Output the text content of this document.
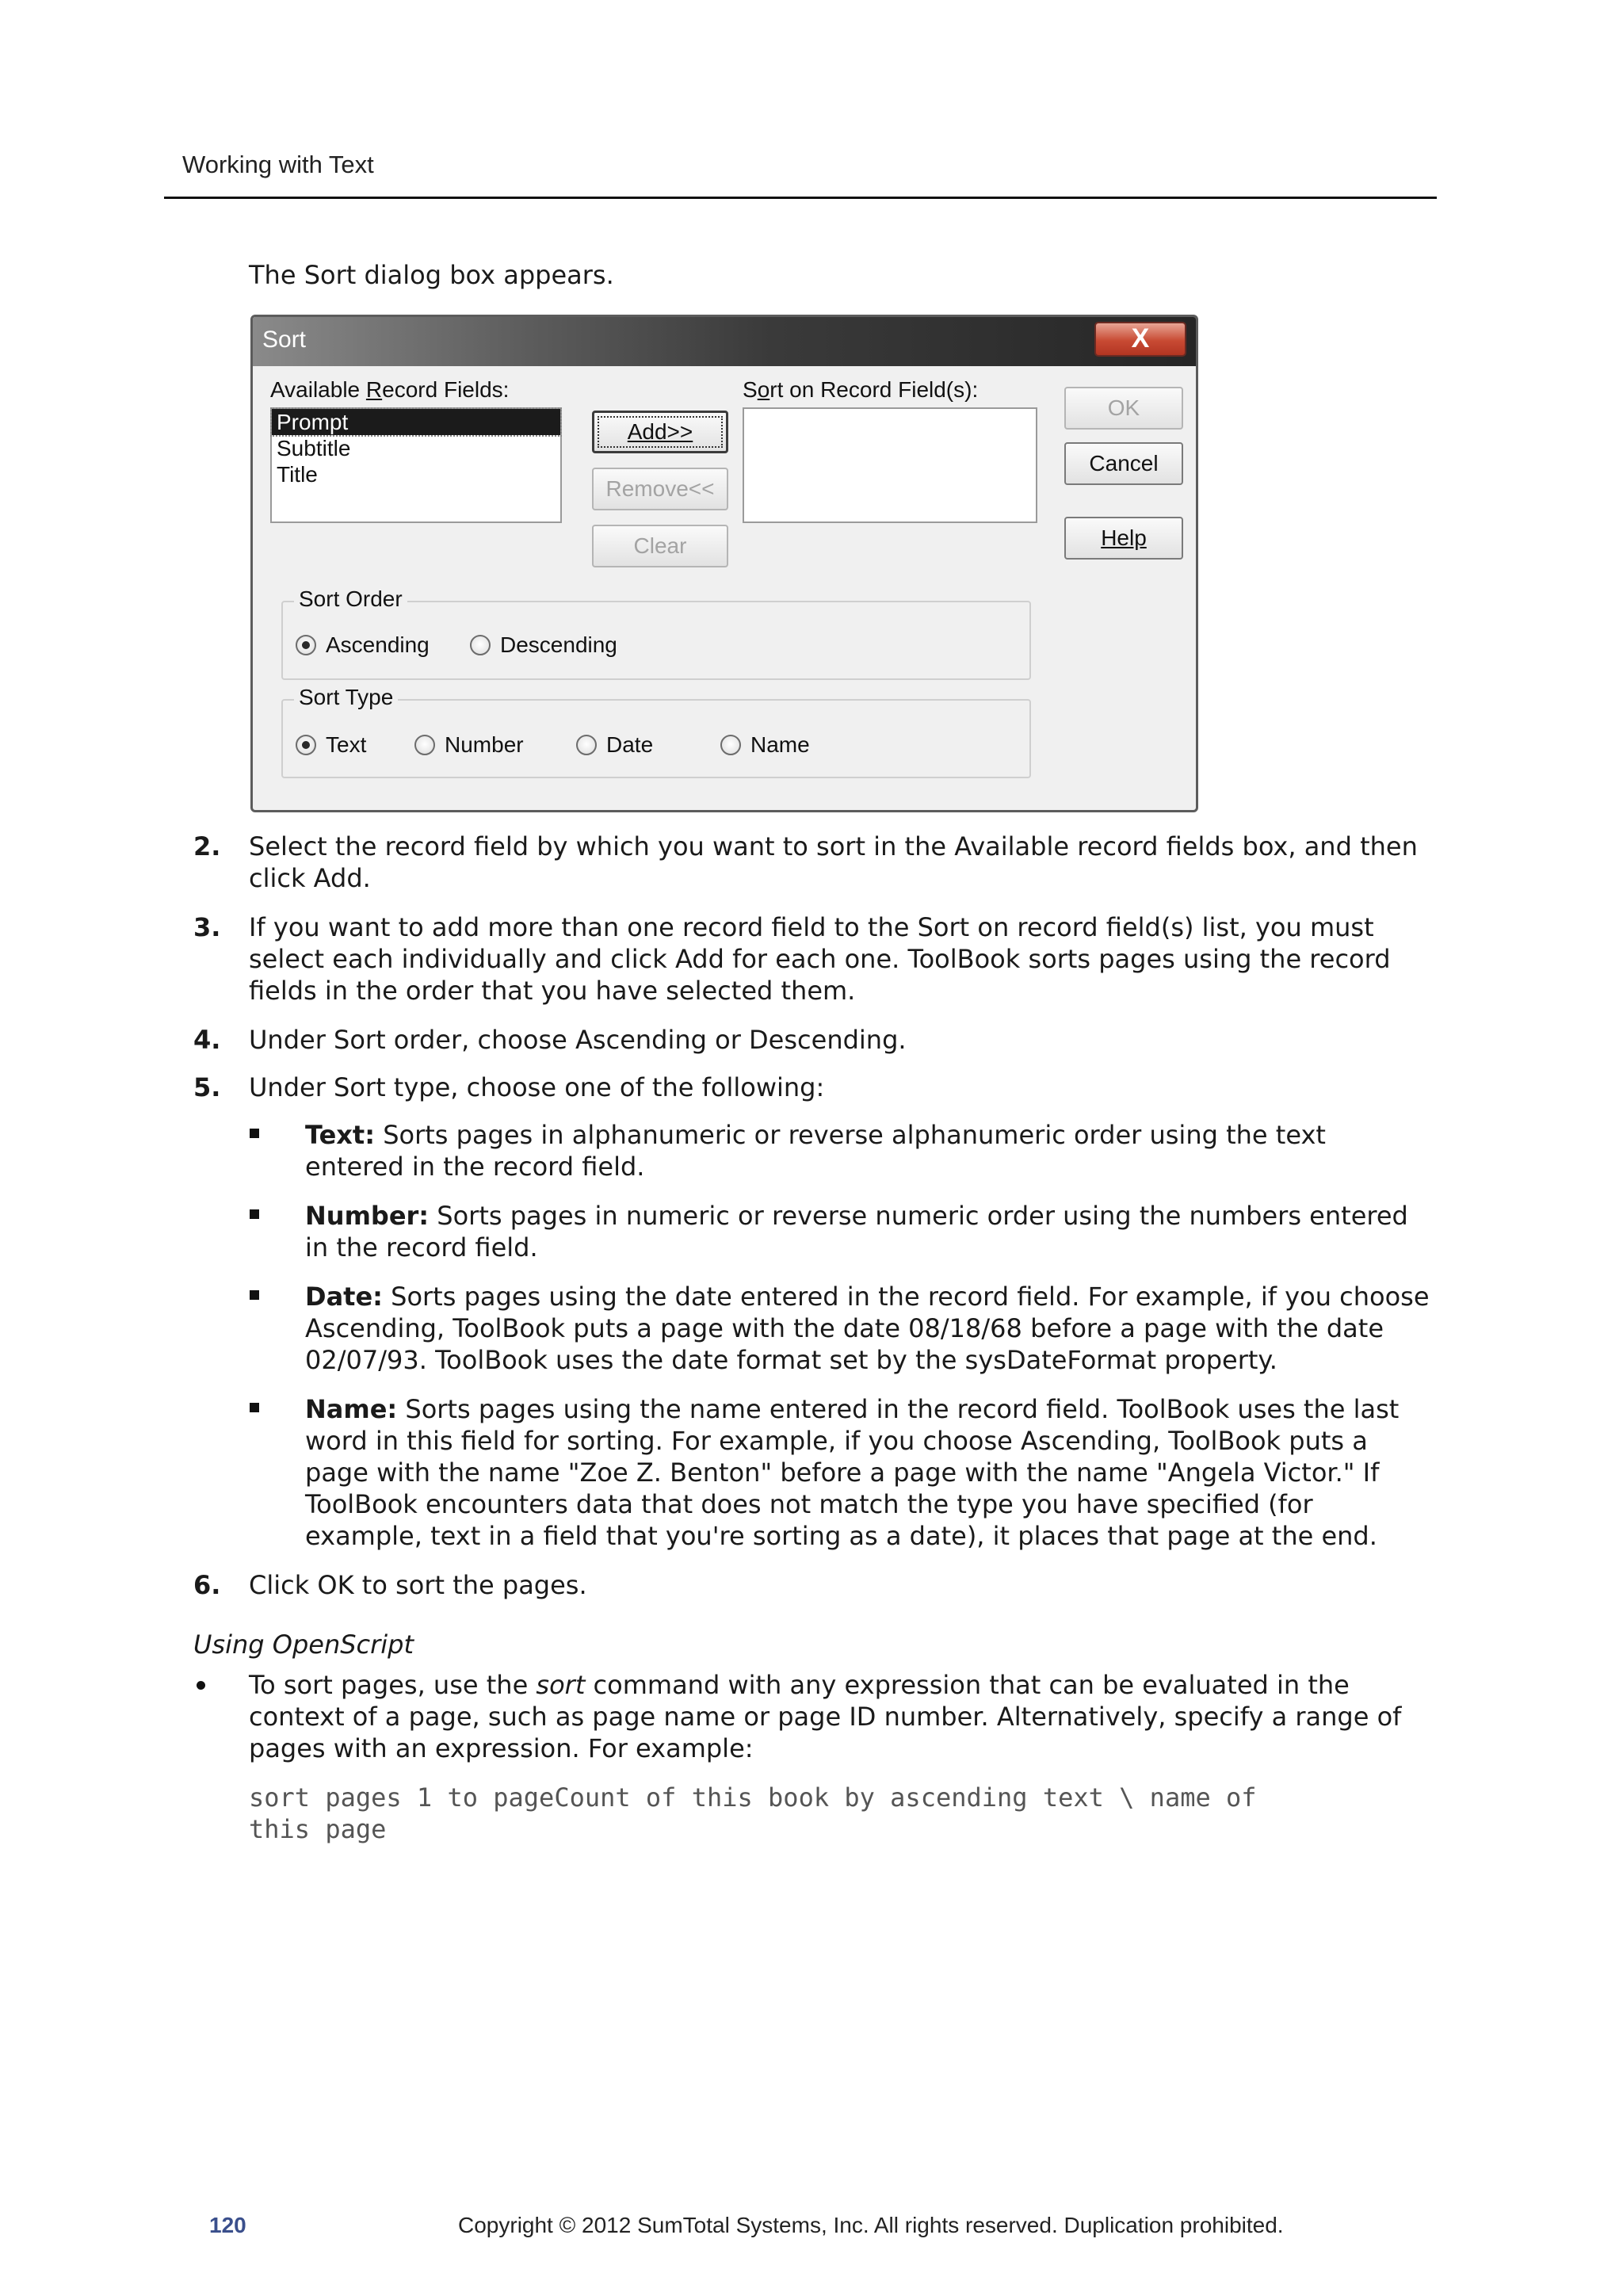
Working with Text
The Sort dialog box appears.
Sort	X
Available Record Fields:
Prompt
Subtitle
Title
Add>>
Remove<<
Clear
Sort on Record Field(s):
OK
Cancel
Help
Sort Order
Ascending	Descending
Sort Type
Text	Number	Date	Name
2. Select the record field by which you want to sort in the Available record fields box, and then click Add.
3. If you want to add more than one record field to the Sort on record field(s) list, you must select each individually and click Add for each one. ToolBook sorts pages using the record fields in the order that you have selected them.
4. Under Sort order, choose Ascending or Descending.
5. Under Sort type, choose one of the following:
Text: Sorts pages in alphanumeric or reverse alphanumeric order using the text entered in the record field.
Number: Sorts pages in numeric or reverse numeric order using the numbers entered in the record field.
Date: Sorts pages using the date entered in the record field. For example, if you choose Ascending, ToolBook puts a page with the date 08/18/68 before a page with the date 02/07/93. ToolBook uses the date format set by the sysDateFormat property.
Name: Sorts pages using the name entered in the record field. ToolBook uses the last word in this field for sorting. For example, if you choose Ascending, ToolBook puts a page with the name "Zoe Z. Benton" before a page with the name "Angela Victor." If ToolBook encounters data that does not match the type you have specified (for example, text in a field that you're sorting as a date), it places that page at the end.
6. Click OK to sort the pages.
Using OpenScript
To sort pages, use the sort command with any expression that can be evaluated in the context of a page, such as page name or page ID number. Alternatively, specify a range of pages with an expression. For example:
sort pages 1 to pageCount of this book by ascending text \ name of
this page
120	Copyright © 2012 SumTotal Systems, Inc. All rights reserved. Duplication prohibited.
